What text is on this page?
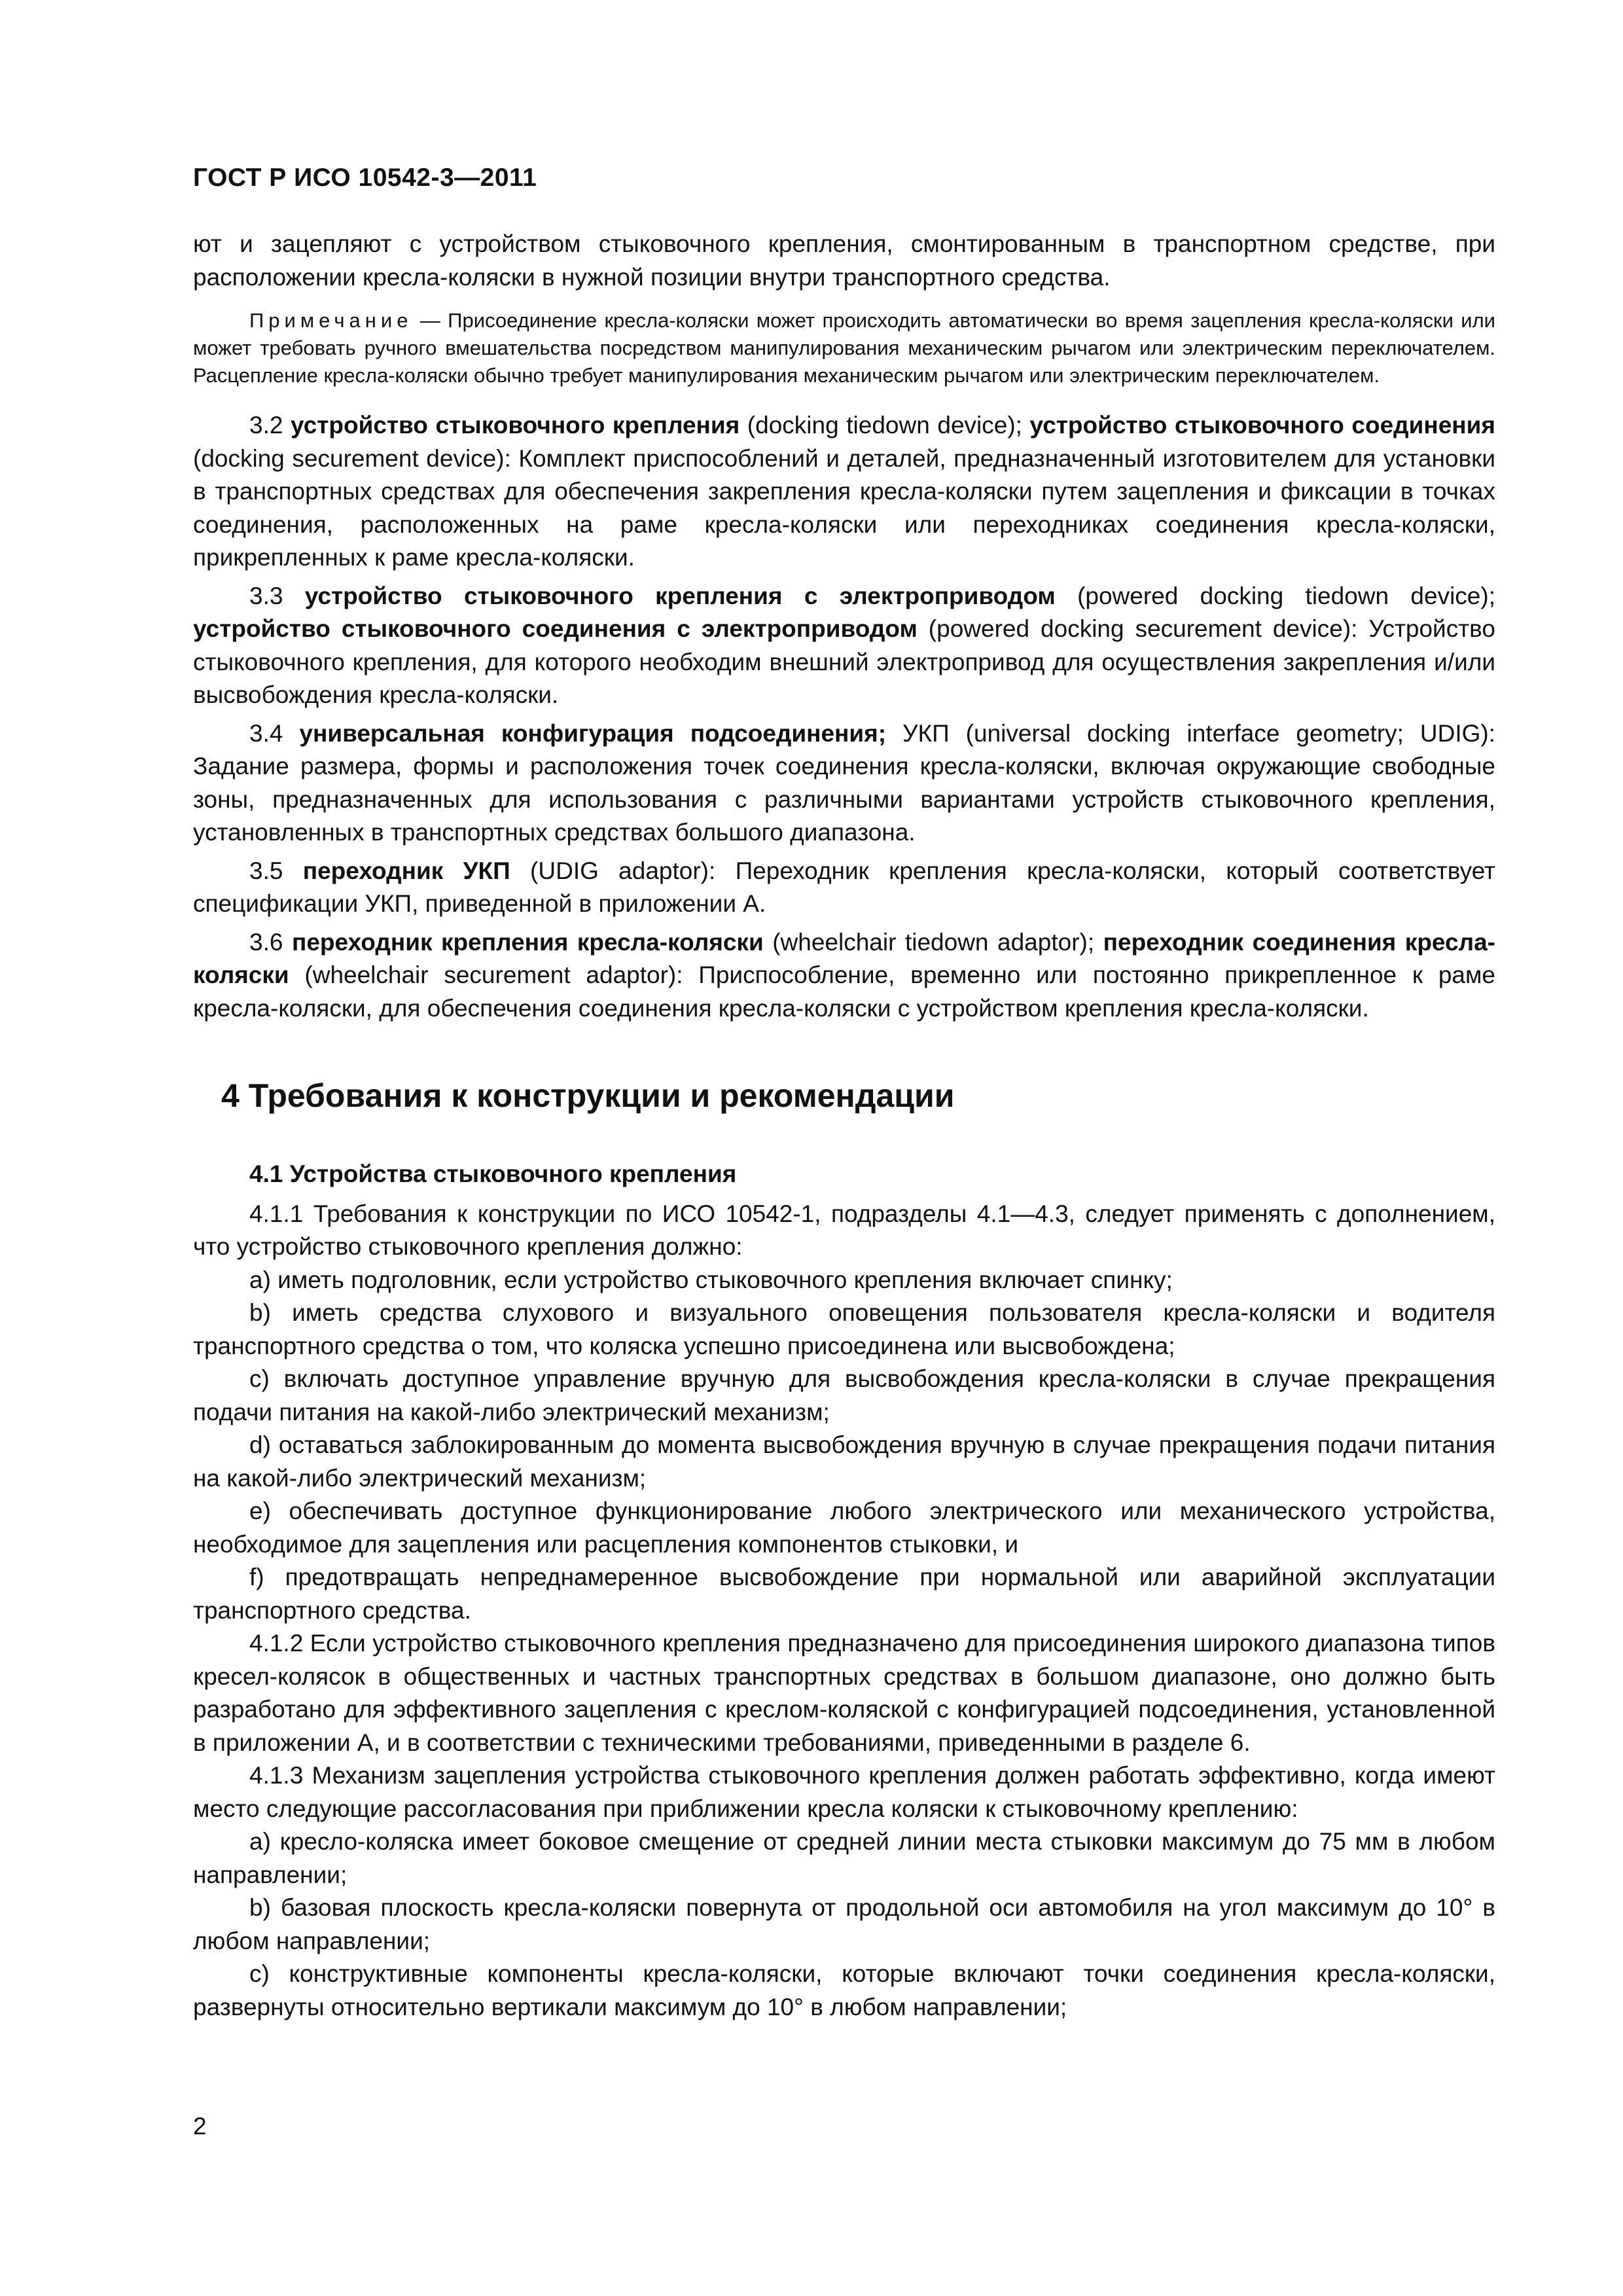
ГОСТ Р ИСО 10542-3—2011

ют и зацепляют с устройством стыковочного крепления, смонтированным в транспортном средстве, при расположении кресла-коляски в нужной позиции внутри транспортного средства.

Примечание — Присоединение кресла-коляски может происходить автоматически во время зацепления кресла-коляски или может требовать ручного вмешательства посредством манипулирования механическим рычагом или электрическим переключателем. Расцепление кресла-коляски обычно требует манипулирования механическим рычагом или электрическим переключателем.

3.2 устройство стыковочного крепления (docking tiedown device); устройство стыковочного соединения (docking securement device): Комплект приспособлений и деталей, предназначенный изготовителем для установки в транспортных средствах для обеспечения закрепления кресла-коляски путем зацепления и фиксации в точках соединения, расположенных на раме кресла-коляски или переходниках соединения кресла-коляски, прикрепленных к раме кресла-коляски.

3.3 устройство стыковочного крепления с электроприводом (powered docking tiedown device); устройство стыковочного соединения с электроприводом (powered docking securement device): Устройство стыковочного крепления, для которого необходим внешний электропривод для осуществления закрепления и/или высвобождения кресла-коляски.

3.4 универсальная конфигурация подсоединения; УКП (universal docking interface geometry; UDIG): Задание размера, формы и расположения точек соединения кресла-коляски, включая окружающие свободные зоны, предназначенных для использования с различными вариантами устройств стыковочного крепления, установленных в транспортных средствах большого диапазона.

3.5 переходник УКП (UDIG adaptor): Переходник крепления кресла-коляски, который соответствует спецификации УКП, приведенной в приложении А.

3.6 переходник крепления кресла-коляски (wheelchair tiedown adaptor); переходник соединения кресла-коляски (wheelchair securement adaptor): Приспособление, временно или постоянно прикрепленное к раме кресла-коляски, для обеспечения соединения кресла-коляски с устройством крепления кресла-коляски.

4 Требования к конструкции и рекомендации

4.1 Устройства стыковочного крепления

4.1.1 Требования к конструкции по ИСО 10542-1, подразделы 4.1—4.3, следует применять с дополнением, что устройство стыковочного крепления должно:

a) иметь подголовник, если устройство стыковочного крепления включает спинку;

b) иметь средства слухового и визуального оповещения пользователя кресла-коляски и водителя транспортного средства о том, что коляска успешно присоединена или высвобождена;

c) включать доступное управление вручную для высвобождения кресла-коляски в случае прекращения подачи питания на какой-либо электрический механизм;

d) оставаться заблокированным до момента высвобождения вручную в случае прекращения подачи питания на какой-либо электрический механизм;

e) обеспечивать доступное функционирование любого электрического или механического устройства, необходимое для зацепления или расцепления компонентов стыковки, и

f) предотвращать непреднамеренное высвобождение при нормальной или аварийной эксплуатации транспортного средства.

4.1.2 Если устройство стыковочного крепления предназначено для присоединения широкого диапазона типов кресел-колясок в общественных и частных транспортных средствах в большом диапазоне, оно должно быть разработано для эффективного зацепления с креслом-коляской с конфигурацией подсоединения, установленной в приложении А, и в соответствии с техническими требованиями, приведенными в разделе 6.

4.1.3 Механизм зацепления устройства стыковочного крепления должен работать эффективно, когда имеют место следующие рассогласования при приближении кресла коляски к стыковочному креплению:

a) кресло-коляска имеет боковое смещение от средней линии места стыковки максимум до 75 мм в любом направлении;

b) базовая плоскость кресла-коляски повернута от продольной оси автомобиля на угол максимум до 10° в любом направлении;

c) конструктивные компоненты кресла-коляски, которые включают точки соединения кресла-коляски, развернуты относительно вертикали максимум до 10° в любом направлении;

2
